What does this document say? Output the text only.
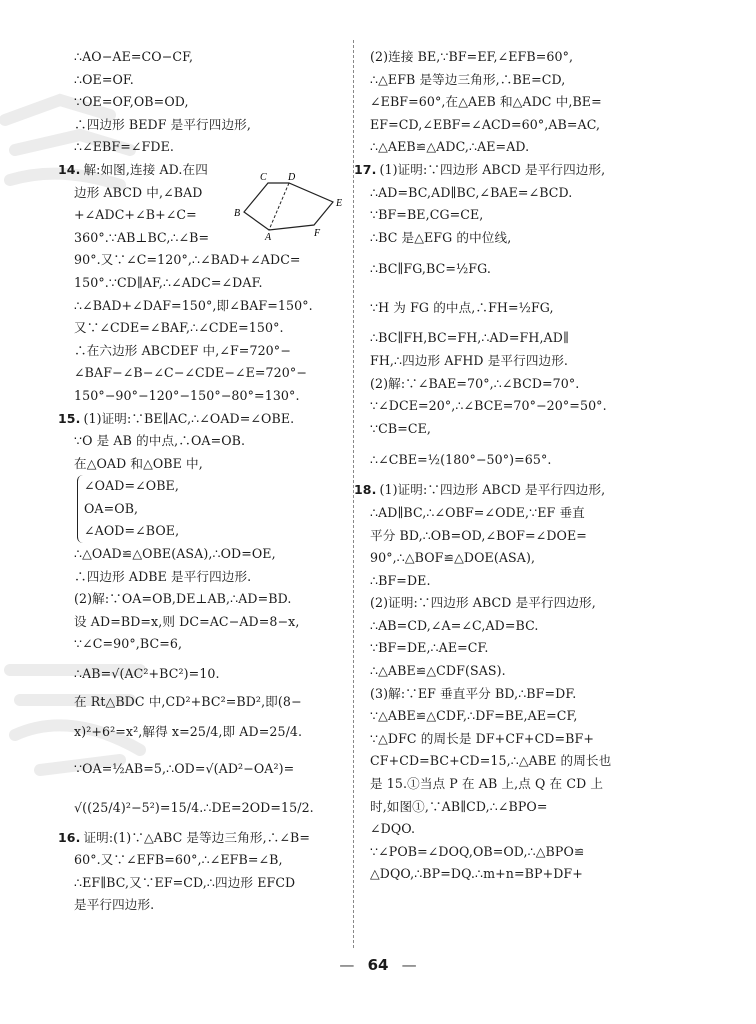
∴AO−AE=CO−CF,
∴OE=OF.
∵OE=OF,OB=OD,
∴四边形 BEDF 是平行四边形,
∴∠EBF=∠FDE.
14. 解:如图,连接 AD.在四
边形 ABCD 中,∠BAD
+∠ADC+∠B+∠C=
360°.∵AB⊥BC,∴∠B=
90°.又∵∠C=120°,∴∠BAD+∠ADC=
150°.∵CD∥AF,∴∠ADC=∠DAF.
∴∠BAD+∠DAF=150°,即∠BAF=150°.
又∵∠CDE=∠BAF,∴∠CDE=150°.
∴在六边形 ABCDEF 中,∠F=720°−
∠BAF−∠B−∠C−∠CDE−∠E=720°−
150°−90°−120°−150°−80°=130°.
15. (1)证明:∵BE∥AC,∴∠OAD=∠OBE.
∵O 是 AB 的中点,∴OA=OB.
在△OAD 和△OBE 中,
∠OAD=∠OBE,
OA=OB,
∠AOD=∠BOE,
∴△OAD≌△OBE(ASA),∴OD=OE,
∴四边形 ADBE 是平行四边形.
(2)解:∵OA=OB,DE⊥AB,∴AD=BD.
设 AD=BD=x,则 DC=AC−AD=8−x,
∵∠C=90°,BC=6,
∴AB=√(AC²+BC²)=10.
在 Rt△BDC 中,CD²+BC²=BD²,即(8−
x)²+6²=x²,解得 x=25/4,即 AD=25/4.
∵OA=½AB=5,∴OD=√(AD²−OA²)=
√((25/4)²−5²)=15/4.∴DE=2OD=15/2.
16. 证明:(1)∵△ABC 是等边三角形,∴∠B=
60°.又∵∠EFB=60°,∴∠EFB=∠B,
∴EF∥BC,又∵EF=CD,∴四边形 EFCD
是平行四边形.
(2)连接 BE,∵BF=EF,∠EFB=60°,
∴△EFB 是等边三角形,∴BE=CD,
∠EBF=60°,在△AEB 和△ADC 中,BE=
EF=CD,∠EBF=∠ACD=60°,AB=AC,
∴△AEB≌△ADC,∴AE=AD.
17. (1)证明:∵四边形 ABCD 是平行四边形,
∴AD=BC,AD∥BC,∠BAE=∠BCD.
∵BF=BE,CG=CE,
∴BC 是△EFG 的中位线,
∴BC∥FG,BC=½FG.
∵H 为 FG 的中点,∴FH=½FG,
∴BC∥FH,BC=FH,∴AD=FH,AD∥
FH,∴四边形 AFHD 是平行四边形.
(2)解:∵∠BAE=70°,∴∠BCD=70°.
∵∠DCE=20°,∴∠BCE=70°−20°=50°.
∵CB=CE,
∴∠CBE=½(180°−50°)=65°.
18. (1)证明:∵四边形 ABCD 是平行四边形,
∴AD∥BC,∴∠OBF=∠ODE,∵EF 垂直
平分 BD,∴OB=OD,∠BOF=∠DOE=
90°,∴△BOF≌△DOE(ASA),
∴BF=DE.
(2)证明:∵四边形 ABCD 是平行四边形,
∴AB=CD,∠A=∠C,AD=BC.
∵BF=DE,∴AE=CF.
∴△ABE≌△CDF(SAS).
(3)解:∵EF 垂直平分 BD,∴BF=DF.
∵△ABE≌△CDF,∴DF=BE,AE=CF,
∵△DFC 的周长是 DF+CF+CD=BF+
CF+CD=BC+CD=15,∴△ABE 的周长也
是 15.①当点 P 在 AB 上,点 Q 在 CD 上
时,如图①,∵AB∥CD,∴∠BPO=
∠DQO.
∵∠POB=∠DOQ,OB=OD,∴△BPO≌
△DQO,∴BP=DQ.∴m+n=BP+DF+
C D
B
E
A	F
— 64 —
